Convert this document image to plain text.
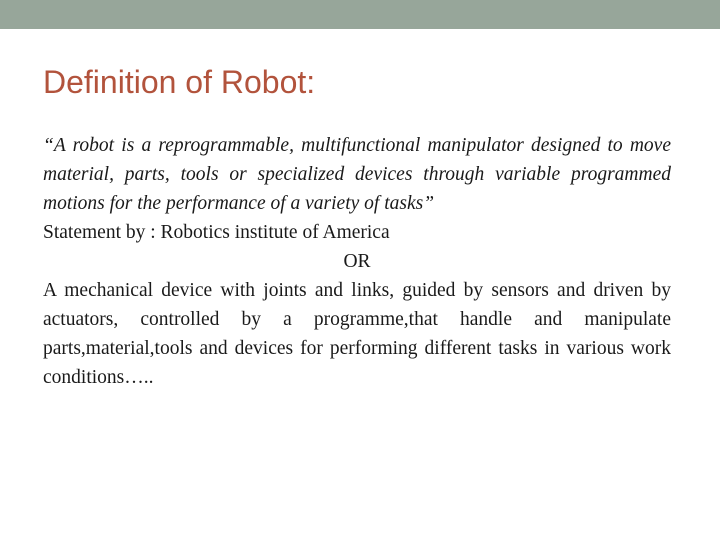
Definition of Robot:

“A robot is a reprogrammable, multifunctional manipulator designed to move material, parts, tools or specialized devices through variable programmed motions for the performance of a variety of tasks”

Statement by : Robotics institute of America

OR

A mechanical device with joints and links, guided by sensors and driven by actuators, controlled by a programme,that handle and manipulate parts,material,tools and devices for performing different tasks in various work conditions…..
